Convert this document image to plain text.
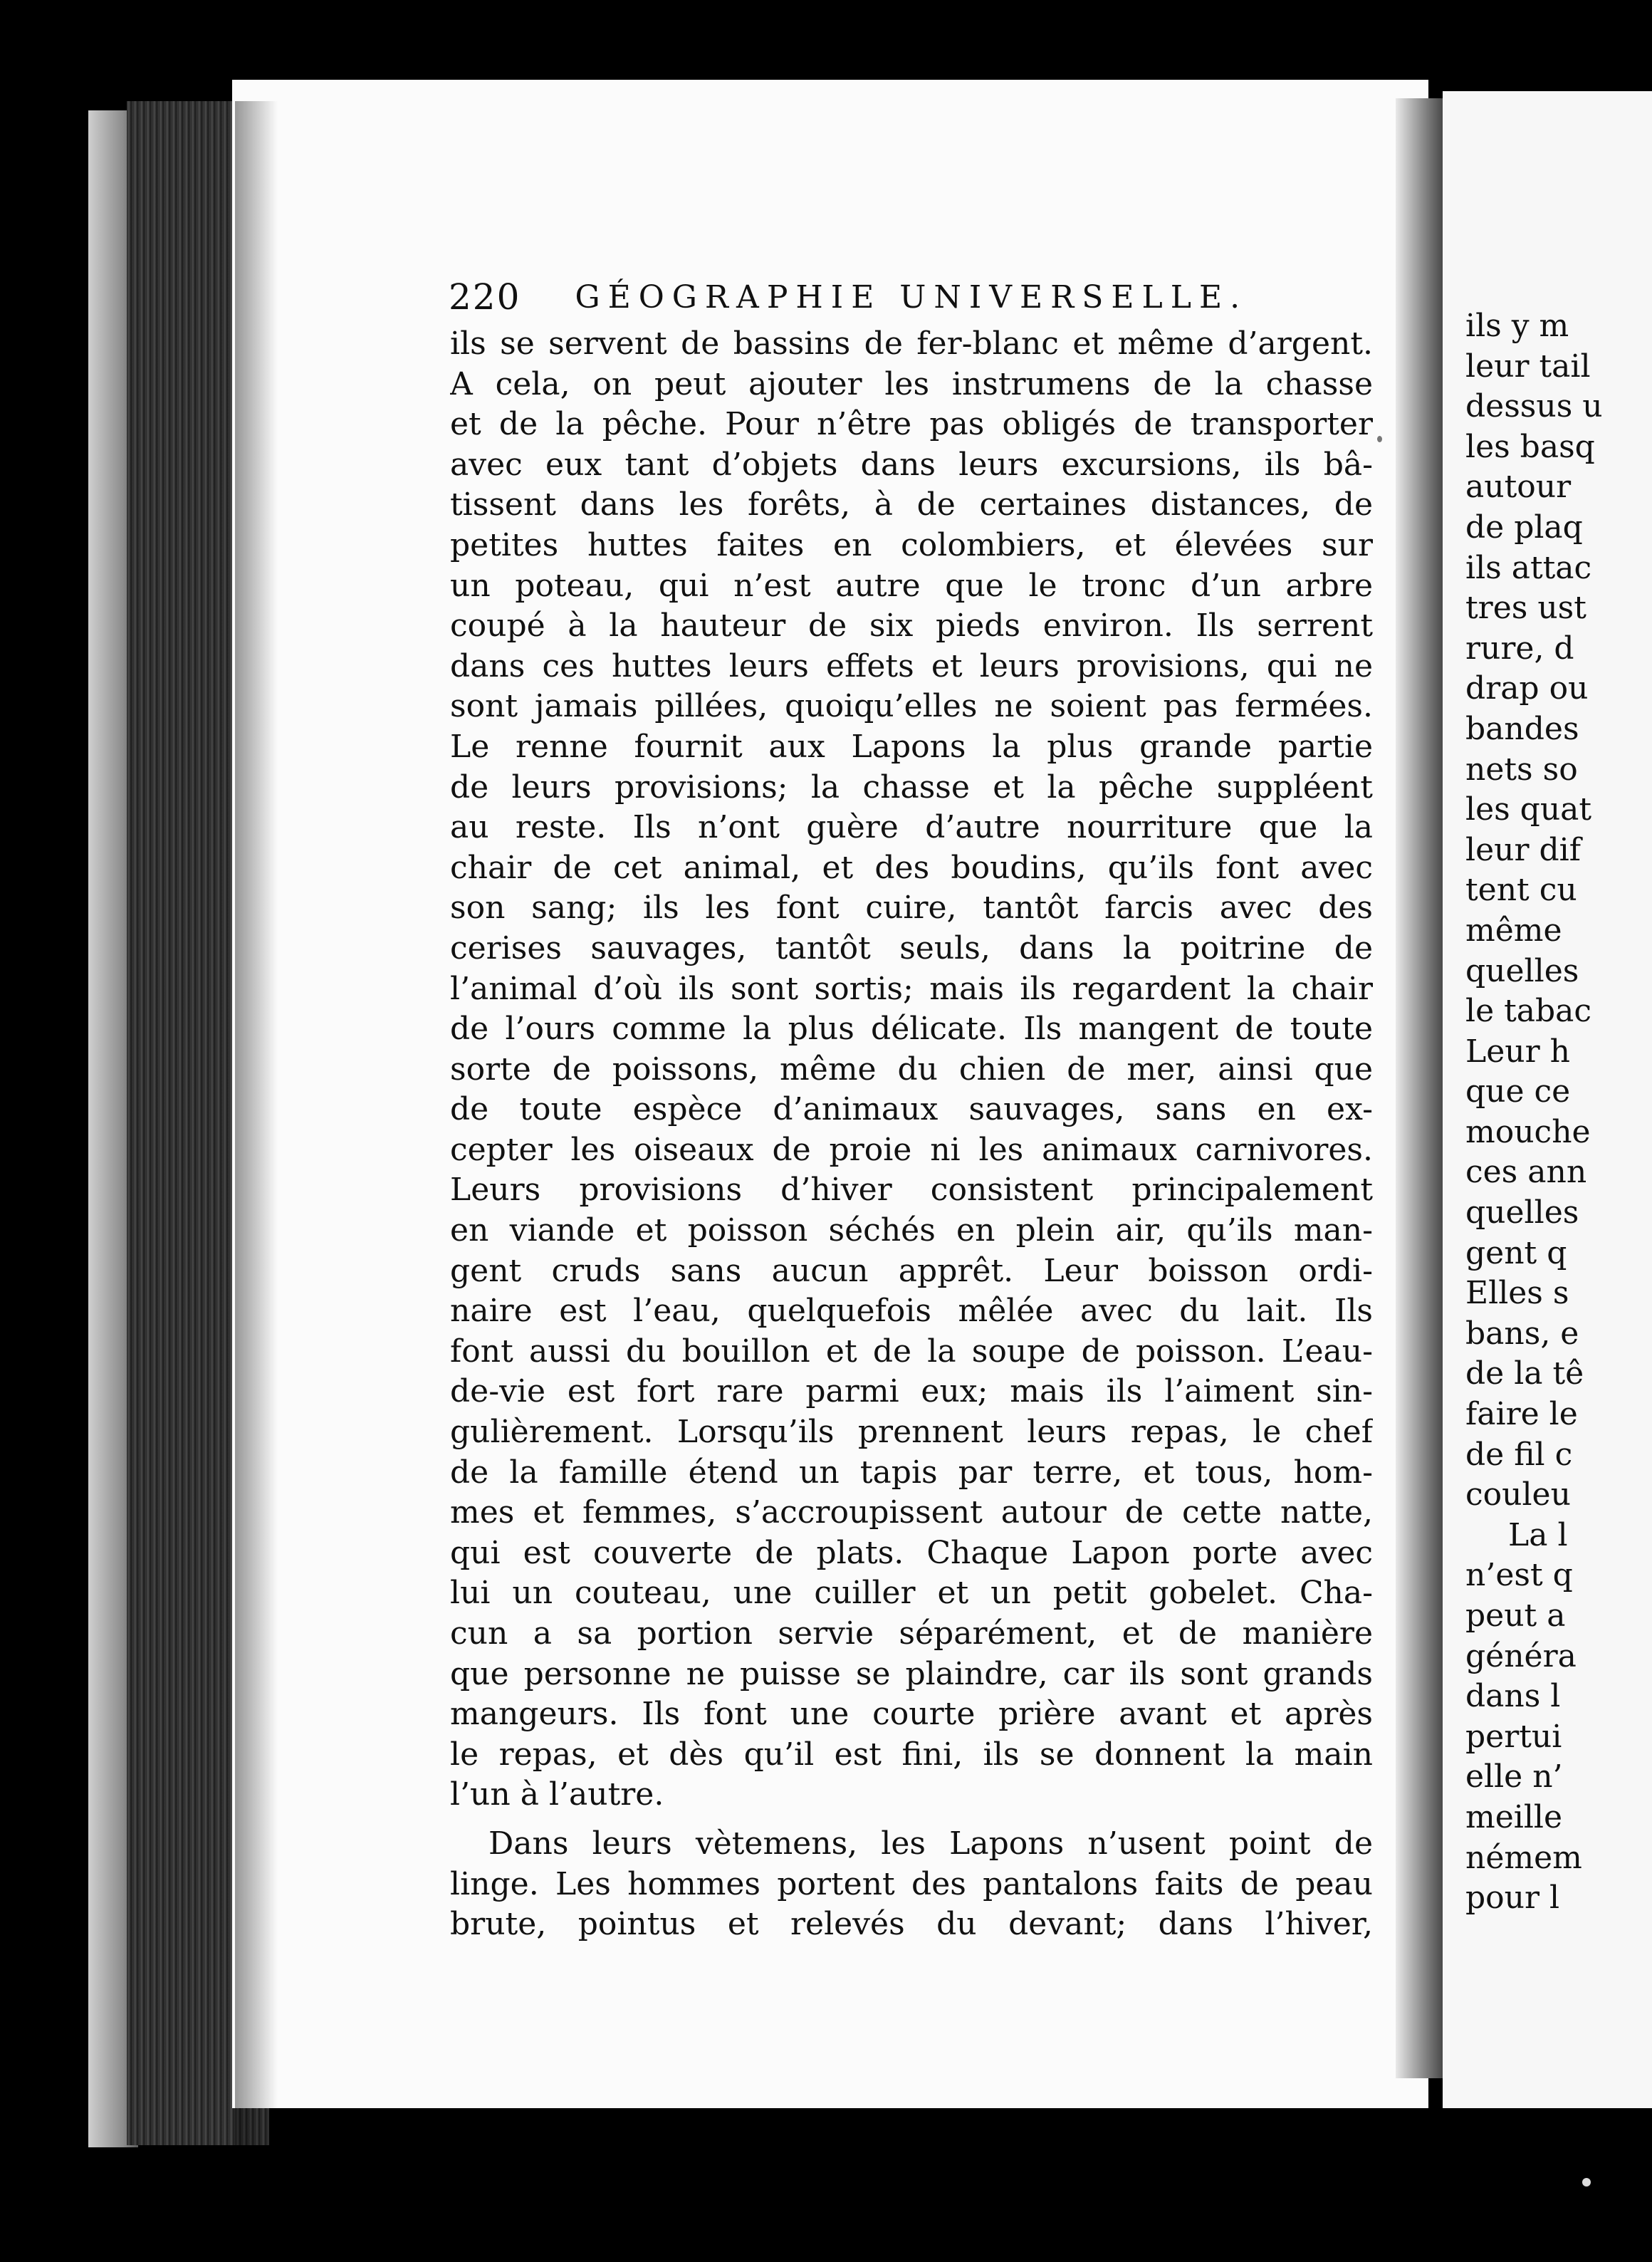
220 GÉOGRAPHIE UNIVERSELLE.
ils se servent de bassins de fer-blanc et même d’argent.
A cela, on peut ajouter les instrumens de la chasse
et de la pêche. Pour n’être pas obligés de transporter
avec eux tant d’objets dans leurs excursions, ils bâ-
tissent dans les forêts, à de certaines distances, de
petites huttes faites en colombiers, et élevées sur
un poteau, qui n’est autre que le tronc d’un arbre
coupé à la hauteur de six pieds environ. Ils serrent
dans ces huttes leurs effets et leurs provisions, qui ne
sont jamais pillées, quoiqu’elles ne soient pas fermées.
Le renne fournit aux Lapons la plus grande partie
de leurs provisions; la chasse et la pêche suppléent
au reste. Ils n’ont guère d’autre nourriture que la
chair de cet animal, et des boudins, qu’ils font avec
son sang; ils les font cuire, tantôt farcis avec des
cerises sauvages, tantôt seuls, dans la poitrine de
l’animal d’où ils sont sortis; mais ils regardent la chair
de l’ours comme la plus délicate. Ils mangent de toute
sorte de poissons, même du chien de mer, ainsi que
de toute espèce d’animaux sauvages, sans en ex-
cepter les oiseaux de proie ni les animaux carnivores.
Leurs provisions d’hiver consistent principalement
en viande et poisson séchés en plein air, qu’ils man-
gent cruds sans aucun apprêt. Leur boisson ordi-
naire est l’eau, quelquefois mêlée avec du lait. Ils
font aussi du bouillon et de la soupe de poisson. L’eau-
de-vie est fort rare parmi eux; mais ils l’aiment sin-
gulièrement. Lorsqu’ils prennent leurs repas, le chef
de la famille étend un tapis par terre, et tous, hom-
mes et femmes, s’accroupissent autour de cette natte,
qui est couverte de plats. Chaque Lapon porte avec
lui un couteau, une cuiller et un petit gobelet. Cha-
cun a sa portion servie séparément, et de manière
que personne ne puisse se plaindre, car ils sont grands
mangeurs. Ils font une courte prière avant et après
le repas, et dès qu’il est fini, ils se donnent la main
l’un à l’autre.
Dans leurs vètemens, les Lapons n’usent point de
linge. Les hommes portent des pantalons faits de peau
brute, pointus et relevés du devant; dans l’hiver,
ils y m
leur tail
dessus u
les basq
autour
de plaq
ils attac
tres ust
rure, d
drap ou
bandes
nets so
les quat
leur dif
tent cu
même
quelles
le tabac
Leur h
que ce
mouche
ces ann
quelles
gent q
Elles s
bans, e
de la tê
faire le
de fil c
couleu
La l
n’est q
peut a
généra
dans l
pertui
elle n’
meille
némem
pour l
